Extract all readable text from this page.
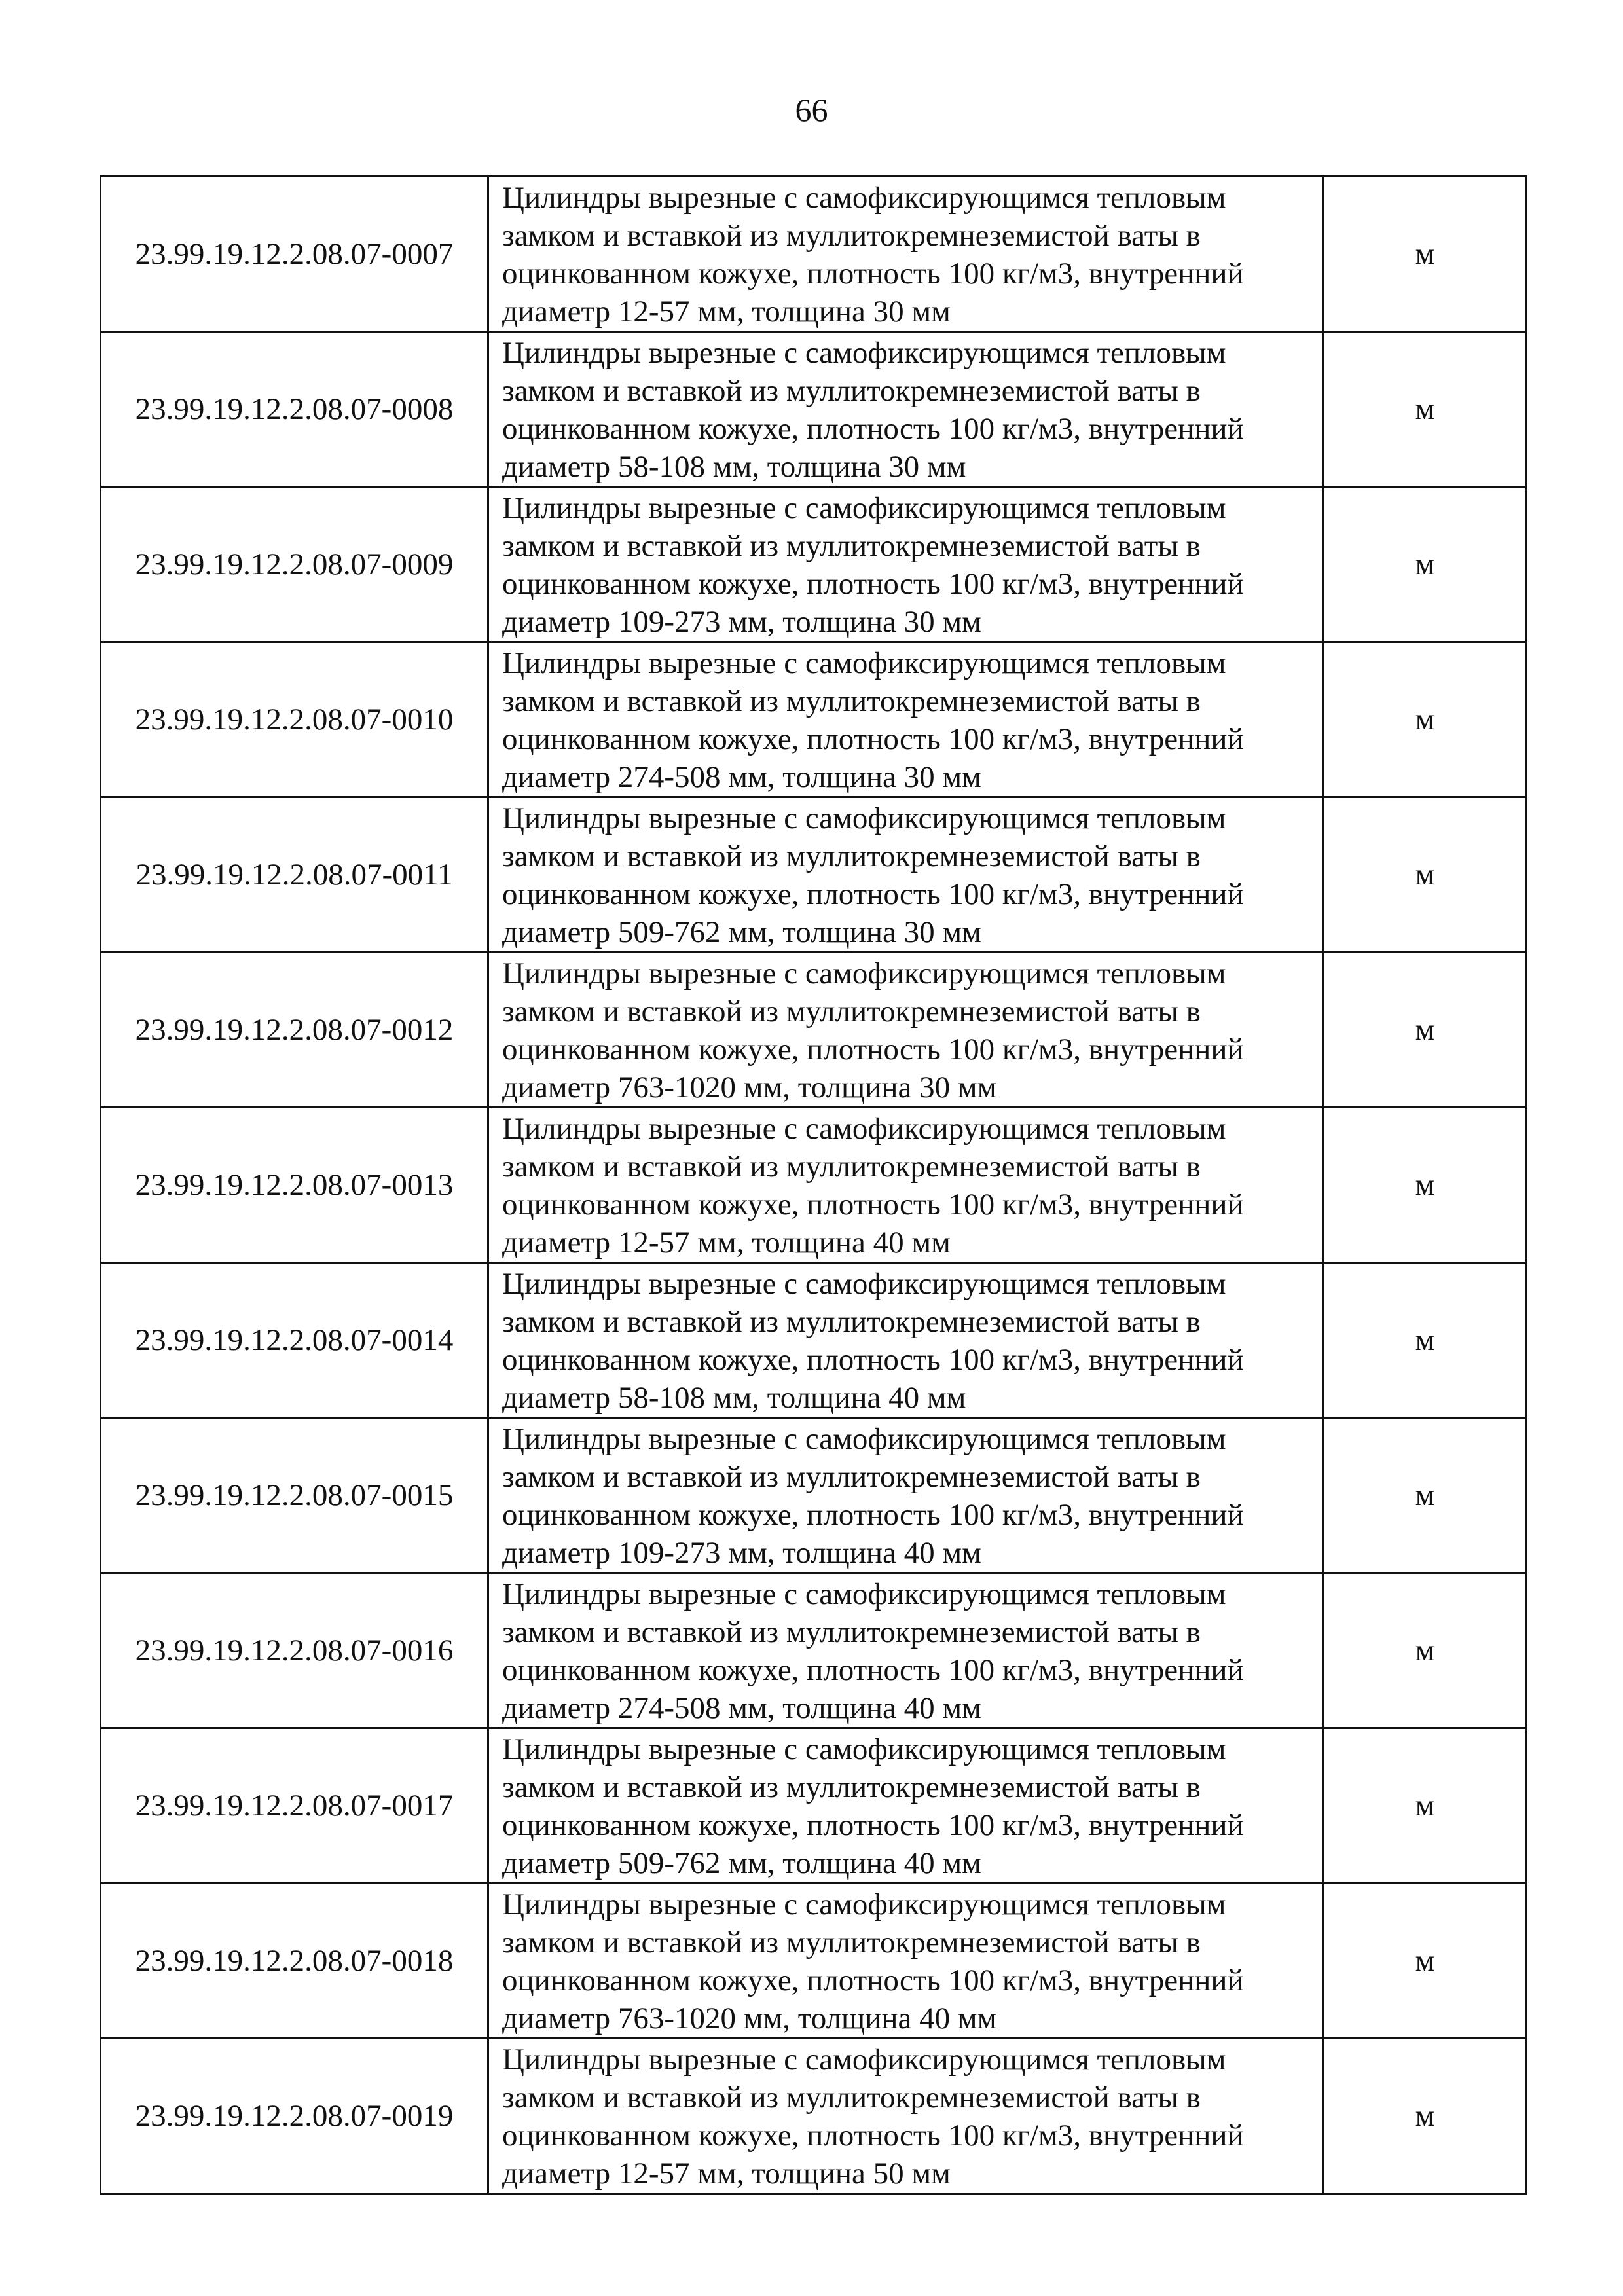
66
23.99.19.12.2.08.07-0007	Цилиндры вырезные с самофиксирующимся тепловым
замком и вставкой из муллитокремнеземистой ваты в
оцинкованном кожухе, плотность 100 кг/м3, внутренний
диаметр 12-57 мм, толщина 30 мм	м
23.99.19.12.2.08.07-0008	Цилиндры вырезные с самофиксирующимся тепловым
замком и вставкой из муллитокремнеземистой ваты в
оцинкованном кожухе, плотность 100 кг/м3, внутренний
диаметр 58-108 мм, толщина 30 мм	м
23.99.19.12.2.08.07-0009	Цилиндры вырезные с самофиксирующимся тепловым
замком и вставкой из муллитокремнеземистой ваты в
оцинкованном кожухе, плотность 100 кг/м3, внутренний
диаметр 109-273 мм, толщина 30 мм	м
23.99.19.12.2.08.07-0010	Цилиндры вырезные с самофиксирующимся тепловым
замком и вставкой из муллитокремнеземистой ваты в
оцинкованном кожухе, плотность 100 кг/м3, внутренний
диаметр 274-508 мм, толщина 30 мм	м
23.99.19.12.2.08.07-0011	Цилиндры вырезные с самофиксирующимся тепловым
замком и вставкой из муллитокремнеземистой ваты в
оцинкованном кожухе, плотность 100 кг/м3, внутренний
диаметр 509-762 мм, толщина 30 мм	м
23.99.19.12.2.08.07-0012	Цилиндры вырезные с самофиксирующимся тепловым
замком и вставкой из муллитокремнеземистой ваты в
оцинкованном кожухе, плотность 100 кг/м3, внутренний
диаметр 763-1020 мм, толщина 30 мм	м
23.99.19.12.2.08.07-0013	Цилиндры вырезные с самофиксирующимся тепловым
замком и вставкой из муллитокремнеземистой ваты в
оцинкованном кожухе, плотность 100 кг/м3, внутренний
диаметр 12-57 мм, толщина 40 мм	м
23.99.19.12.2.08.07-0014	Цилиндры вырезные с самофиксирующимся тепловым
замком и вставкой из муллитокремнеземистой ваты в
оцинкованном кожухе, плотность 100 кг/м3, внутренний
диаметр 58-108 мм, толщина 40 мм	м
23.99.19.12.2.08.07-0015	Цилиндры вырезные с самофиксирующимся тепловым
замком и вставкой из муллитокремнеземистой ваты в
оцинкованном кожухе, плотность 100 кг/м3, внутренний
диаметр 109-273 мм, толщина 40 мм	м
23.99.19.12.2.08.07-0016	Цилиндры вырезные с самофиксирующимся тепловым
замком и вставкой из муллитокремнеземистой ваты в
оцинкованном кожухе, плотность 100 кг/м3, внутренний
диаметр 274-508 мм, толщина 40 мм	м
23.99.19.12.2.08.07-0017	Цилиндры вырезные с самофиксирующимся тепловым
замком и вставкой из муллитокремнеземистой ваты в
оцинкованном кожухе, плотность 100 кг/м3, внутренний
диаметр 509-762 мм, толщина 40 мм	м
23.99.19.12.2.08.07-0018	Цилиндры вырезные с самофиксирующимся тепловым
замком и вставкой из муллитокремнеземистой ваты в
оцинкованном кожухе, плотность 100 кг/м3, внутренний
диаметр 763-1020 мм, толщина 40 мм	м
23.99.19.12.2.08.07-0019	Цилиндры вырезные с самофиксирующимся тепловым
замком и вставкой из муллитокремнеземистой ваты в
оцинкованном кожухе, плотность 100 кг/м3, внутренний
диаметр 12-57 мм, толщина 50 мм	м
